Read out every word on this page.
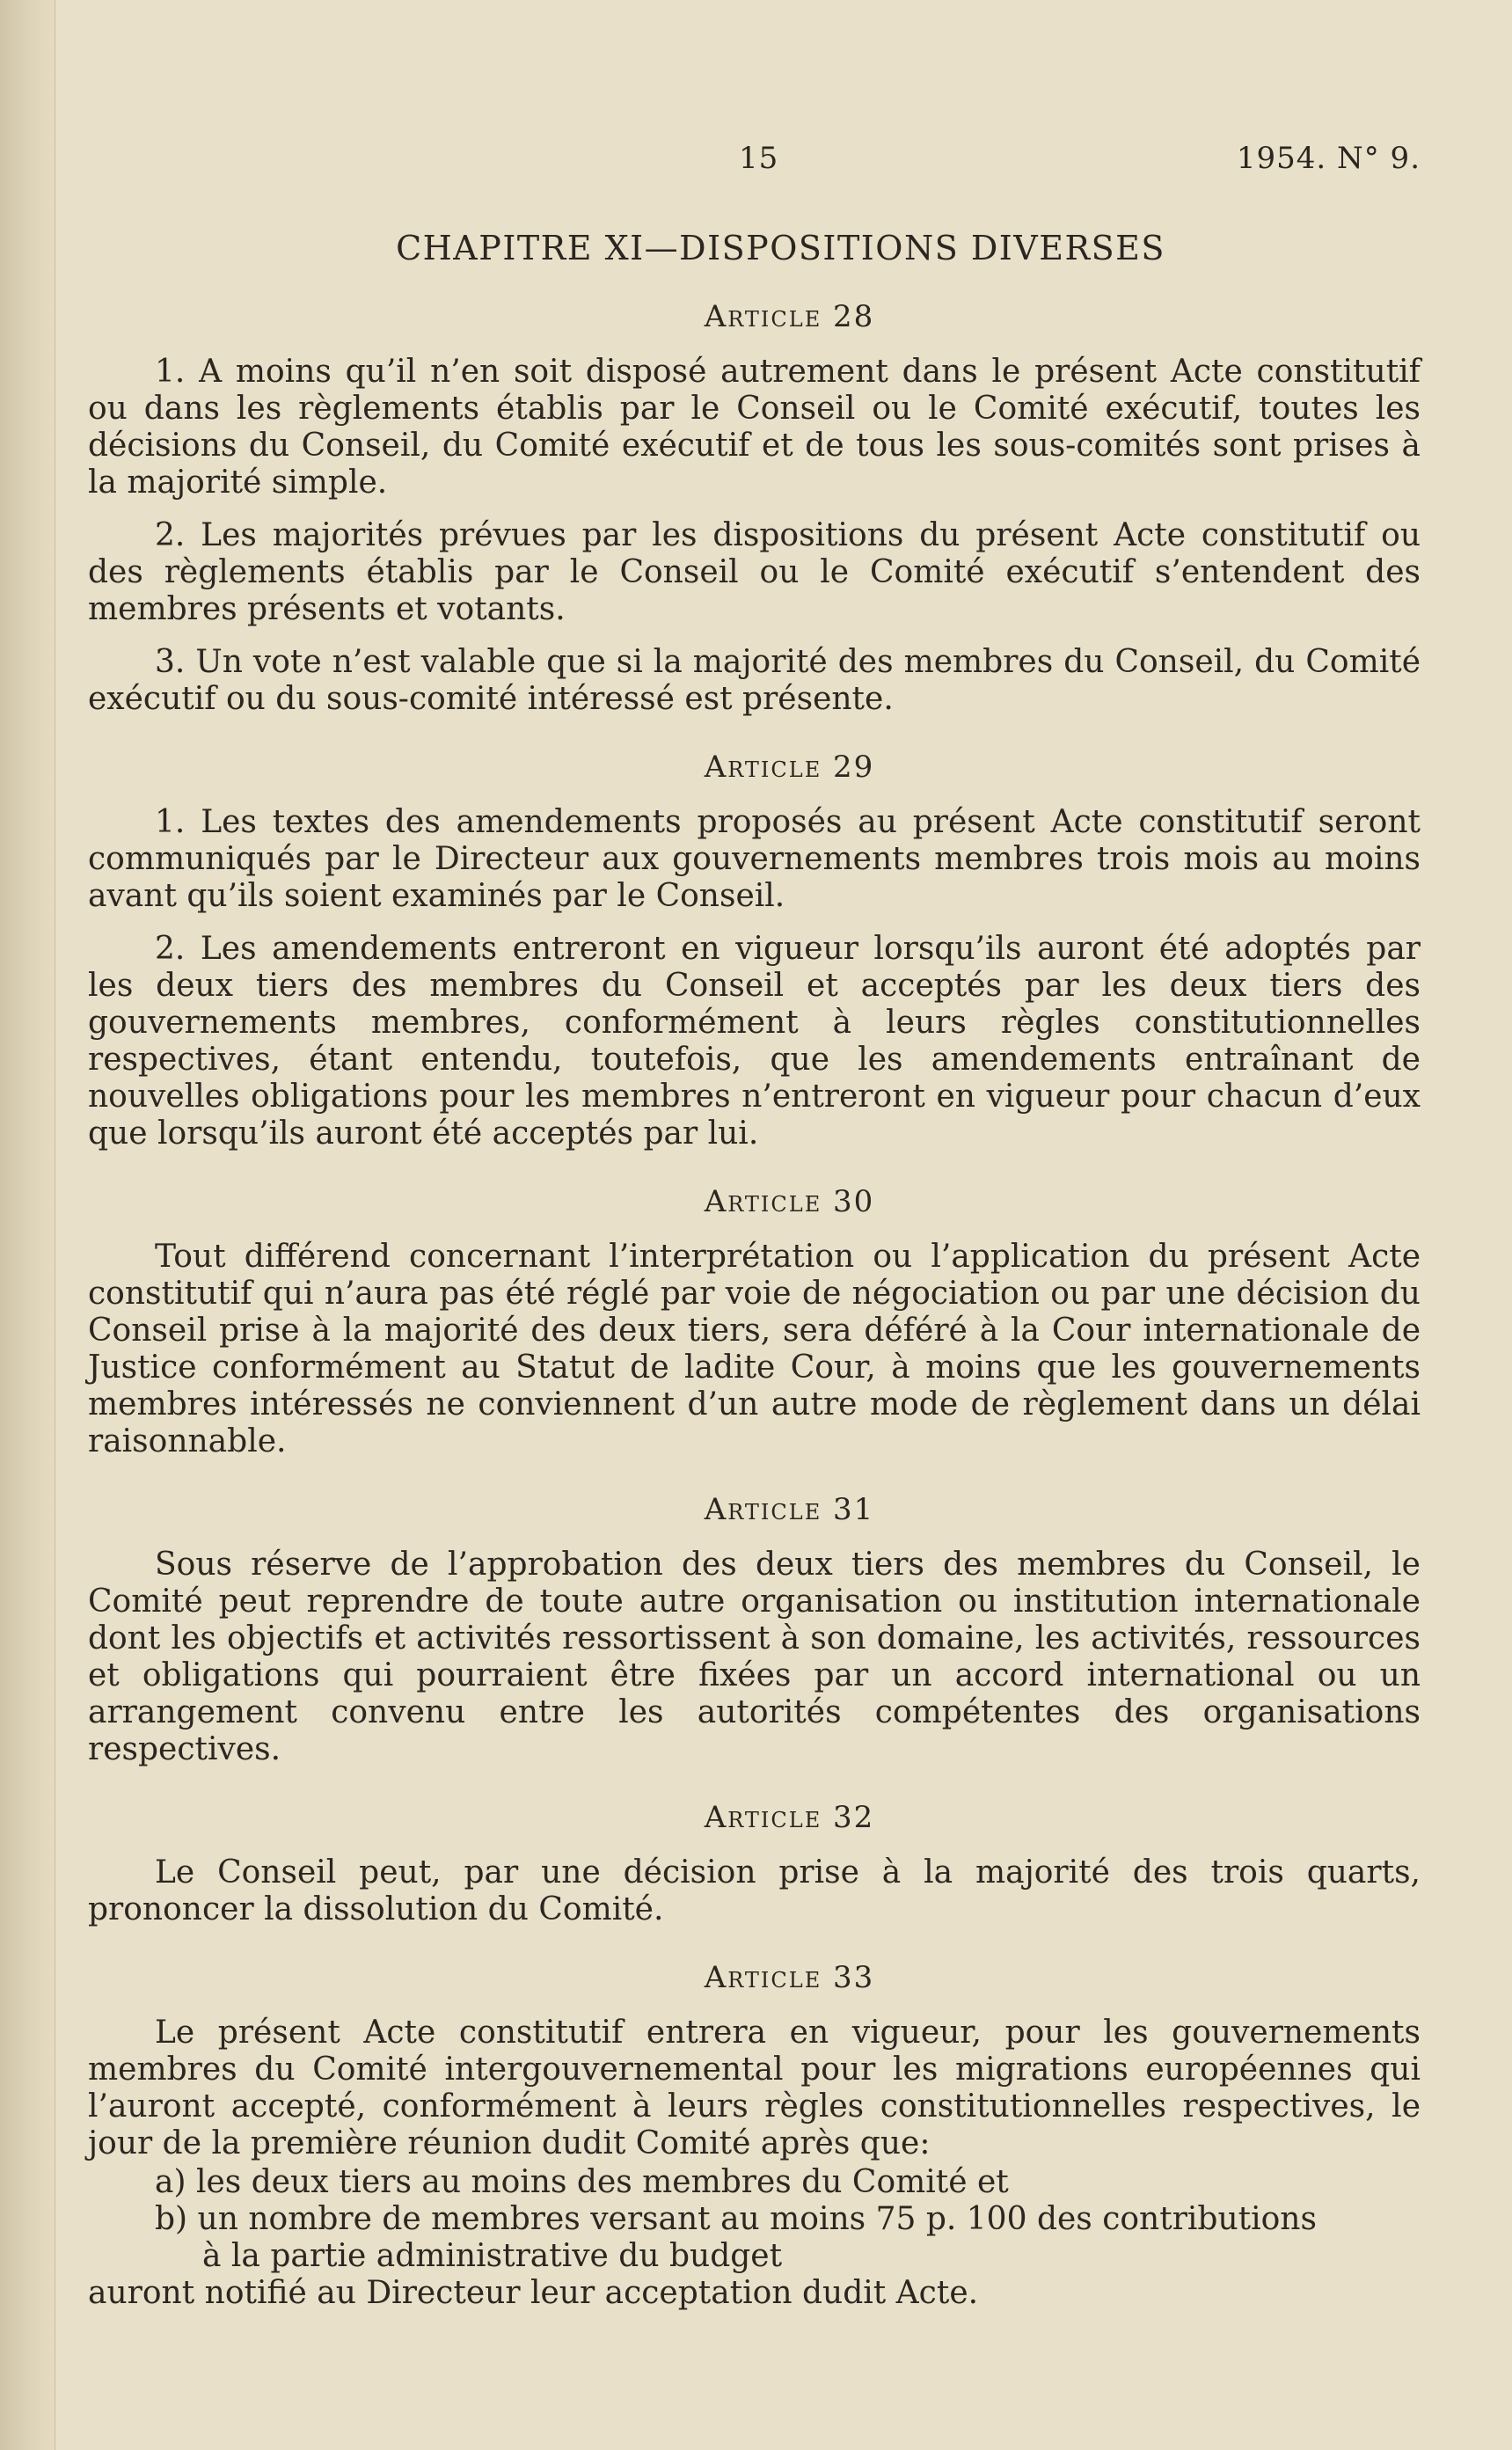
15	1954. N° 9.
CHAPITRE XI—DISPOSITIONS DIVERSES
Article 28

1. A moins qu’il n’en soit disposé autrement dans le présent Acte constitutif ou dans les règlements établis par le Conseil ou le Comité exécutif, toutes les décisions du Conseil, du Comité exécutif et de tous les sous-comités sont prises à la majorité simple.

2. Les majorités prévues par les dispositions du présent Acte constitutif ou des règlements établis par le Conseil ou le Comité exécutif s’entendent des membres présents et votants.

3. Un vote n’est valable que si la majorité des membres du Conseil, du Comité exécutif ou du sous-comité intéressé est présente.

Article 29

1. Les textes des amendements proposés au présent Acte constitutif seront communiqués par le Directeur aux gouvernements membres trois mois au moins avant qu’ils soient examinés par le Conseil.

2. Les amendements entreront en vigueur lorsqu’ils auront été adoptés par les deux tiers des membres du Conseil et acceptés par les deux tiers des gouvernements membres, conformément à leurs règles constitutionnelles respectives, étant entendu, toutefois, que les amendements entraînant de nouvelles obligations pour les membres n’entreront en vigueur pour chacun d’eux que lorsqu’ils auront été acceptés par lui.

Article 30

Tout différend concernant l’interprétation ou l’application du présent Acte constitutif qui n’aura pas été réglé par voie de négociation ou par une décision du Conseil prise à la majorité des deux tiers, sera déféré à la Cour internationale de Justice conformément au Statut de ladite Cour, à moins que les gouvernements membres intéressés ne conviennent d’un autre mode de règlement dans un délai raisonnable.

Article 31

Sous réserve de l’approbation des deux tiers des membres du Conseil, le Comité peut reprendre de toute autre organisation ou institution internationale dont les objectifs et activités ressortissent à son domaine, les activités, ressources et obligations qui pourraient être fixées par un accord international ou un arrangement convenu entre les autorités compétentes des organisations respectives.

Article 32

Le Conseil peut, par une décision prise à la majorité des trois quarts, prononcer la dissolution du Comité.

Article 33

Le présent Acte constitutif entrera en vigueur, pour les gouvernements membres du Comité intergouvernemental pour les migrations européennes qui l’auront accepté, conformément à leurs règles constitutionnelles respectives, le jour de la première réunion dudit Comité après que:

a) les deux tiers au moins des membres du Comité et
b) un nombre de membres versant au moins 75 p. 100 des contributions
à la partie administrative du budget
auront notifié au Directeur leur acceptation dudit Acte.
